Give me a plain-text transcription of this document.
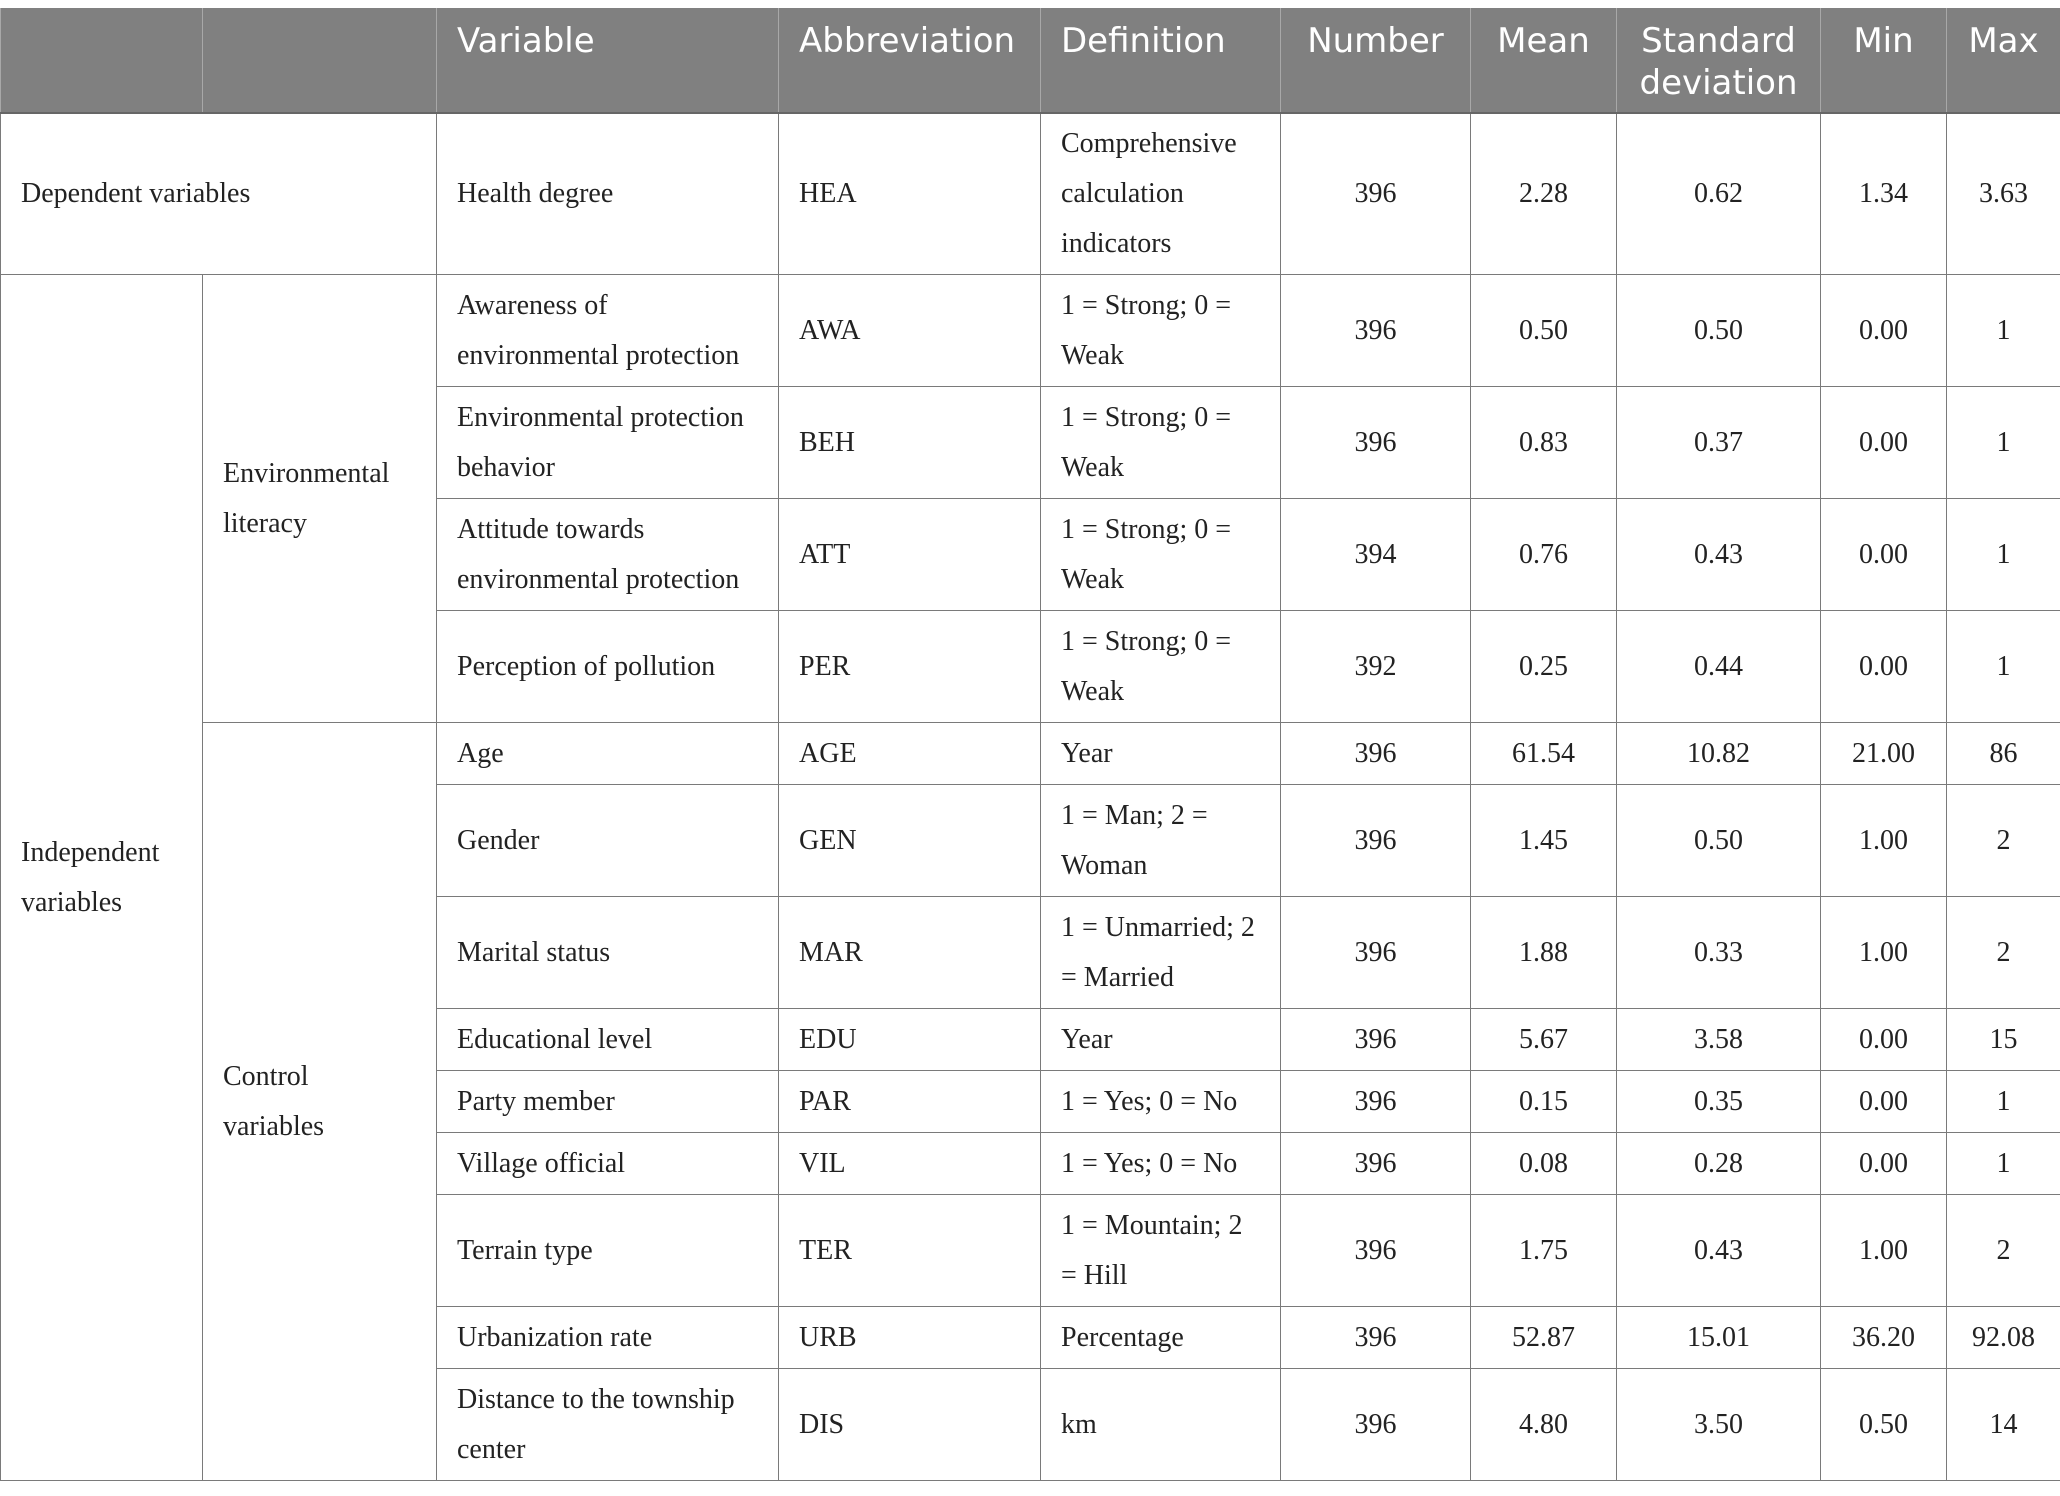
		Variable	Abbreviation	Definition	Number	Mean	Standard deviation	Min	Max
Dependent variables		Health degree	HEA	Comprehensive calculation indicators	396	2.28	0.62	1.34	3.63
Independent variables	Environmental literacy	Awareness of environmental protection	AWA	1 = Strong; 0 = Weak	396	0.50	0.50	0.00	1
		Environmental protection behavior	BEH	1 = Strong; 0 = Weak	396	0.83	0.37	0.00	1
		Attitude towards environmental protection	ATT	1 = Strong; 0 = Weak	394	0.76	0.43	0.00	1
		Perception of pollution	PER	1 = Strong; 0 = Weak	392	0.25	0.44	0.00	1
	Control variables	Age	AGE	Year	396	61.54	10.82	21.00	86
		Gender	GEN	1 = Man; 2 = Woman	396	1.45	0.50	1.00	2
		Marital status	MAR	1 = Unmarried; 2 = Married	396	1.88	0.33	1.00	2
		Educational level	EDU	Year	396	5.67	3.58	0.00	15
		Party member	PAR	1 = Yes; 0 = No	396	0.15	0.35	0.00	1
		Village official	VIL	1 = Yes; 0 = No	396	0.08	0.28	0.00	1
		Terrain type	TER	1 = Mountain; 2 = Hill	396	1.75	0.43	1.00	2
		Urbanization rate	URB	Percentage	396	52.87	15.01	36.20	92.08
		Distance to the township center	DIS	km	396	4.80	3.50	0.50	14
